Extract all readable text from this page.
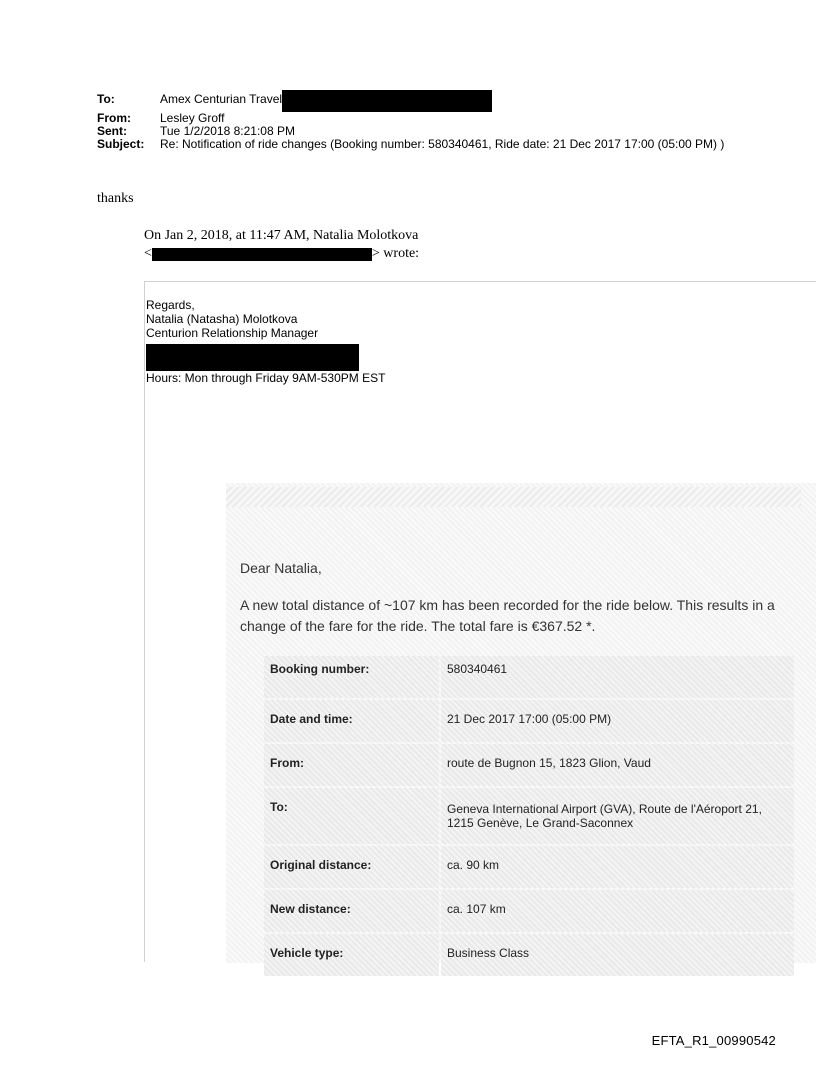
To:	Amex Centurian Travel
From:	Lesley Groff
Sent:	Tue 1/2/2018 8:21:08 PM
Subject:	Re: Notification of ride changes (Booking number: 580340461, Ride date: 21 Dec 2017 17:00 (05:00 PM) )
thanks
On Jan 2, 2018, at 11:47 AM, Natalia Molotkova
<	> wrote:
Regards,
Natalia (Natasha) Molotkova
Centurion Relationship Manager
Hours: Mon through Friday 9AM-530PM EST

Dear Natalia,

A new total distance of ~107 km has been recorded for the ride below. This results in a change of the fare for the ride. The total fare is €367.52 *.

Booking number:	580340461
Date and time:	21 Dec 2017 17:00 (05:00 PM)
From:	route de Bugnon 15, 1823 Glion, Vaud
To:	Geneva International Airport (GVA), Route de l'Aéroport 21, 1215 Genève, Le Grand-Saconnex
Original distance:	ca. 90 km
New distance:	ca. 107 km
Vehicle type:	Business Class
EFTA_R1_00990542
